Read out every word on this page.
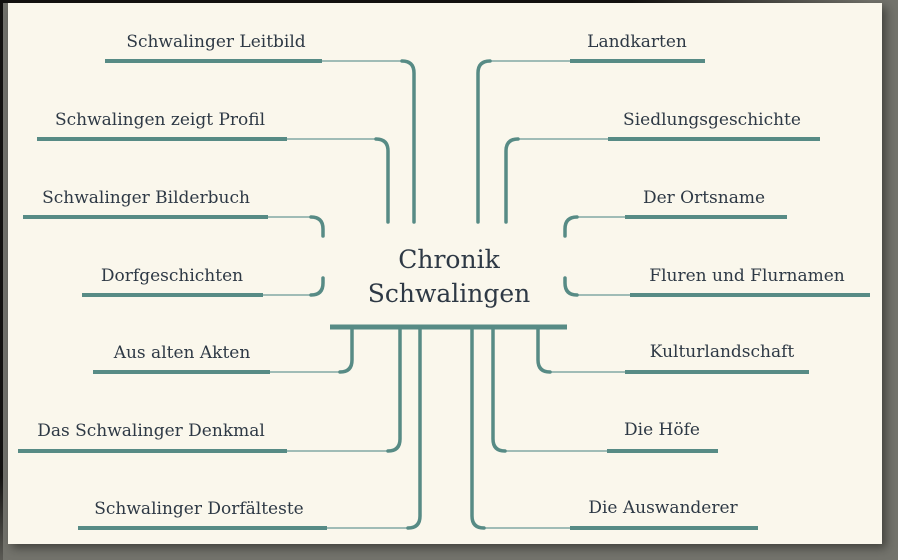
Chronik Schwalingen
Schwalinger Leitbild
Schwalingen zeigt Profil
Schwalinger Bilderbuch
Dorfgeschichten
Aus alten Akten
Das Schwalinger Denkmal
Schwalinger Dorfälteste
Landkarten
Siedlungsgeschichte
Der Ortsname
Fluren und Flurnamen
Kulturlandschaft
Die Höfe
Die Auswanderer
